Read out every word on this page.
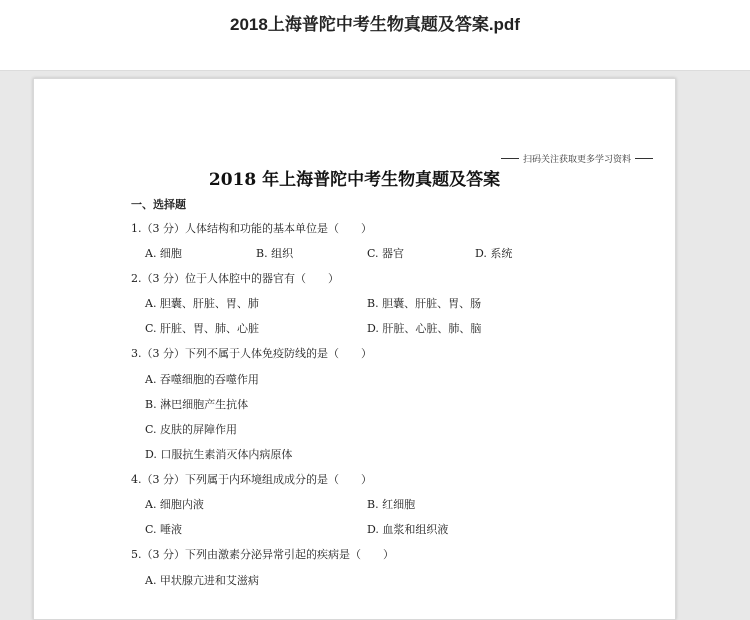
2018上海普陀中考生物真题及答案.pdf
扫码关注获取更多学习资料
2018 年上海普陀中考生物真题及答案
一、选择题
1.（3 分）人体结构和功能的基本单位是（　　）
A. 细胞	B. 组织	C. 器官	D. 系统
2.（3 分）位于人体腔中的器官有（　　）
A. 胆囊、肝脏、胃、肺	B. 胆囊、肝脏、胃、肠
C. 肝脏、胃、肺、心脏	D. 肝脏、心脏、肺、脑
3.（3 分）下列不属于人体免疫防线的是（　　）
A. 吞噬细胞的吞噬作用
B. 淋巴细胞产生抗体
C. 皮肤的屏障作用
D. 口服抗生素消灭体内病原体
4.（3 分）下列属于内环境组成成分的是（　　）
A. 细胞内液	B. 红细胞
C. 唾液	D. 血浆和组织液
5.（3 分）下列由激素分泌异常引起的疾病是（　　）
A. 甲状腺亢进和艾滋病
